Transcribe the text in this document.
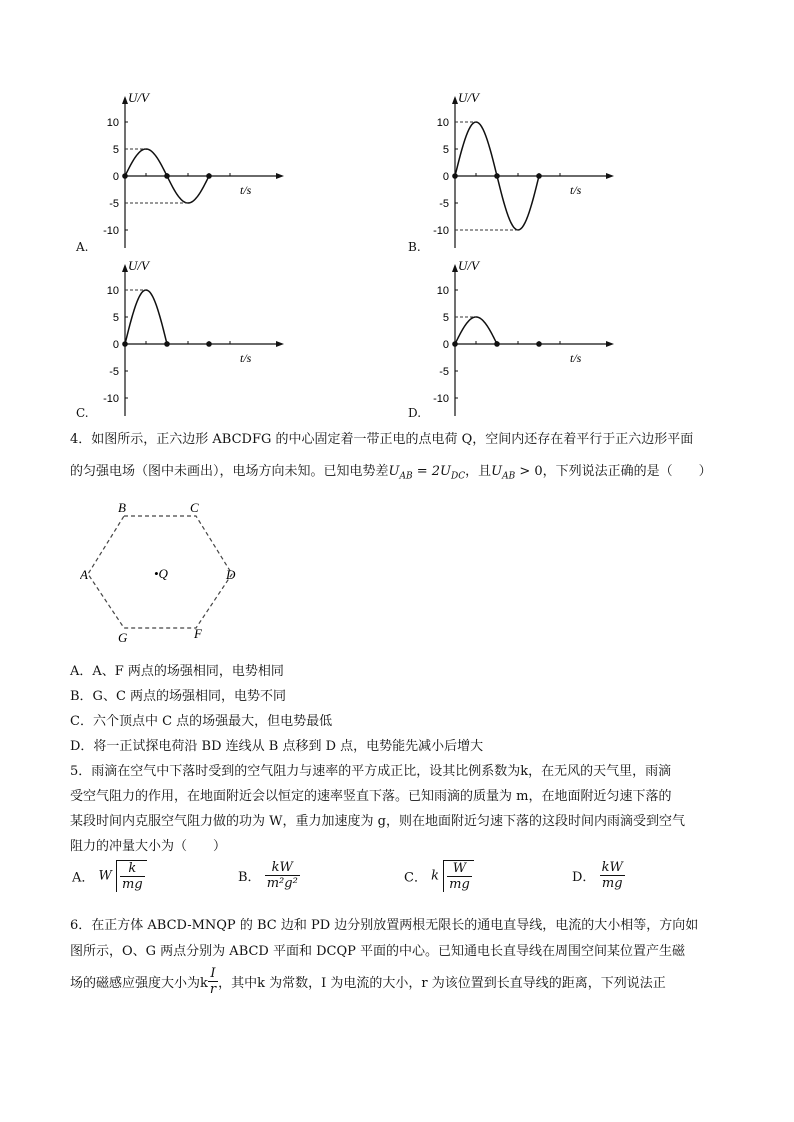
U/V
t/s
10
5
0
-5
-10
A.
U/V
t/s
10
5
0
-5
-10
B.
U/V
t/s
10
5
0
-5
-10
C.
U/V
t/s
10
5
0
-5
-10
D.
4．如图所示，正六边形 ABCDFG 的中心固定着一带正电的点电荷 Q，空间内还存在着平行于正六边形平面
的匀强电场（图中未画出），电场方向未知。已知电势差$U_{AB} = 2U_{DC}$，且$U_{AB} > 0$，下列说法正确的是（　　）
B	C
A	D
G	F
•Q
A．A、F 两点的场强相同，电势相同
B．G、C 两点的场强相同，电势不同
C．六个顶点中 C 点的场强最大，但电势最低
D．将一正试探电荷沿 BD 连线从 B 点移到 D 点，电势能先减小后增大
5．雨滴在空气中下落时受到的空气阻力与速率的平方成正比，设其比例系数为k，在无风的天气里，雨滴
受空气阻力的作用，在地面附近会以恒定的速率竖直下落。已知雨滴的质量为 m，在地面附近匀速下落的
某段时间内克服空气阻力做的功为 W，重力加速度为 g，则在地面附近匀速下落的这段时间内雨滴受到空气
阻力的冲量大小为（　　）
A． W $\frac{k}{mg}$	B． $\frac{kW}{\text{m²g²}}$	C． k $\frac{W}{mg}$	D． $\frac{kW}{mg}$
6．在正方体 ABCD-MNQP 的 BC 边和 PD 边分别放置两根无限长的通电直导线，电流的大小相等，方向如
图所示，O、G 两点分别为 ABCD 平面和 DCQP 平面的中心。已知通电长直导线在周围空间某位置产生磁
场的磁感应强度大小为k $\frac{I}{r}$ ，其中k 为常数，I 为电流的大小，r 为该位置到长直导线的距离，下列说法正
